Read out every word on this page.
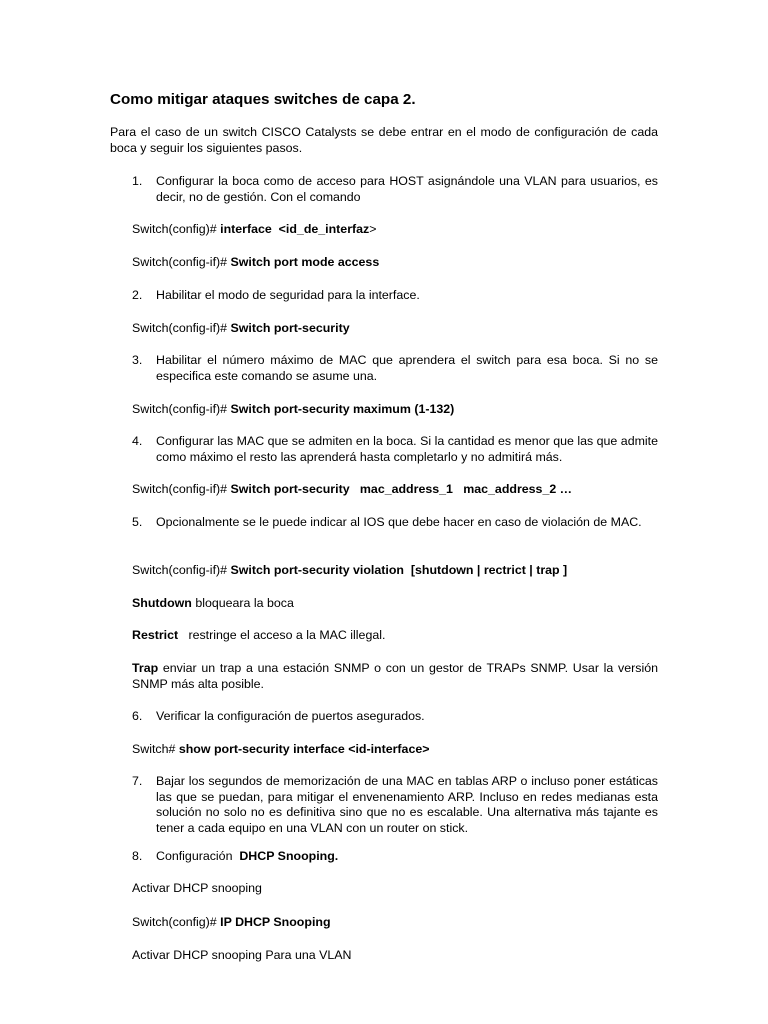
Como mitigar ataques switches de capa 2.
Para el caso de un switch CISCO Catalysts se debe entrar en el modo de configuración de cada boca y seguir los siguientes pasos.
1.	Configurar la boca como de acceso para HOST asignándole una VLAN para usuarios, es decir, no de gestión. Con el comando
Switch(config)# interface  <id_de_interfaz>
Switch(config-if)# Switch port mode access
2.	Habilitar el modo de seguridad para la interface.
Switch(config-if)# Switch port-security
3.	Habilitar el número máximo de MAC que aprendera el switch para esa boca. Si no se especifica este comando se asume una.
Switch(config-if)# Switch port-security maximum (1-132)
4.	Configurar las MAC que se admiten en la boca. Si la cantidad es menor que las que admite como máximo el resto las aprenderá hasta completarlo y no admitirá más.
Switch(config-if)# Switch port-security   mac_address_1   mac_address_2 …
5.	Opcionalmente se le puede indicar al IOS que debe hacer en caso de violación de MAC.
Switch(config-if)# Switch port-security violation  [shutdown | rectrict | trap ]
Shutdown bloqueara la boca
Restrict   restringe el acceso a la MAC illegal.
Trap enviar un trap a una estación SNMP o con un gestor de TRAPs SNMP. Usar la versión SNMP más alta posible.
6.	Verificar la configuración de puertos asegurados.
Switch# show port-security interface <id-interface>
7.	Bajar los segundos de memorización de una MAC en tablas ARP o incluso poner estáticas las que se puedan, para mitigar el envenenamiento ARP. Incluso en redes medianas esta solución no solo no es definitiva sino que no es escalable. Una alternativa más tajante es tener a cada equipo en una VLAN con un router on stick.
8.	Configuración DHCP Snooping.
Activar DHCP snooping
Switch(config)# IP DHCP Snooping
Activar DHCP snooping Para una VLAN
